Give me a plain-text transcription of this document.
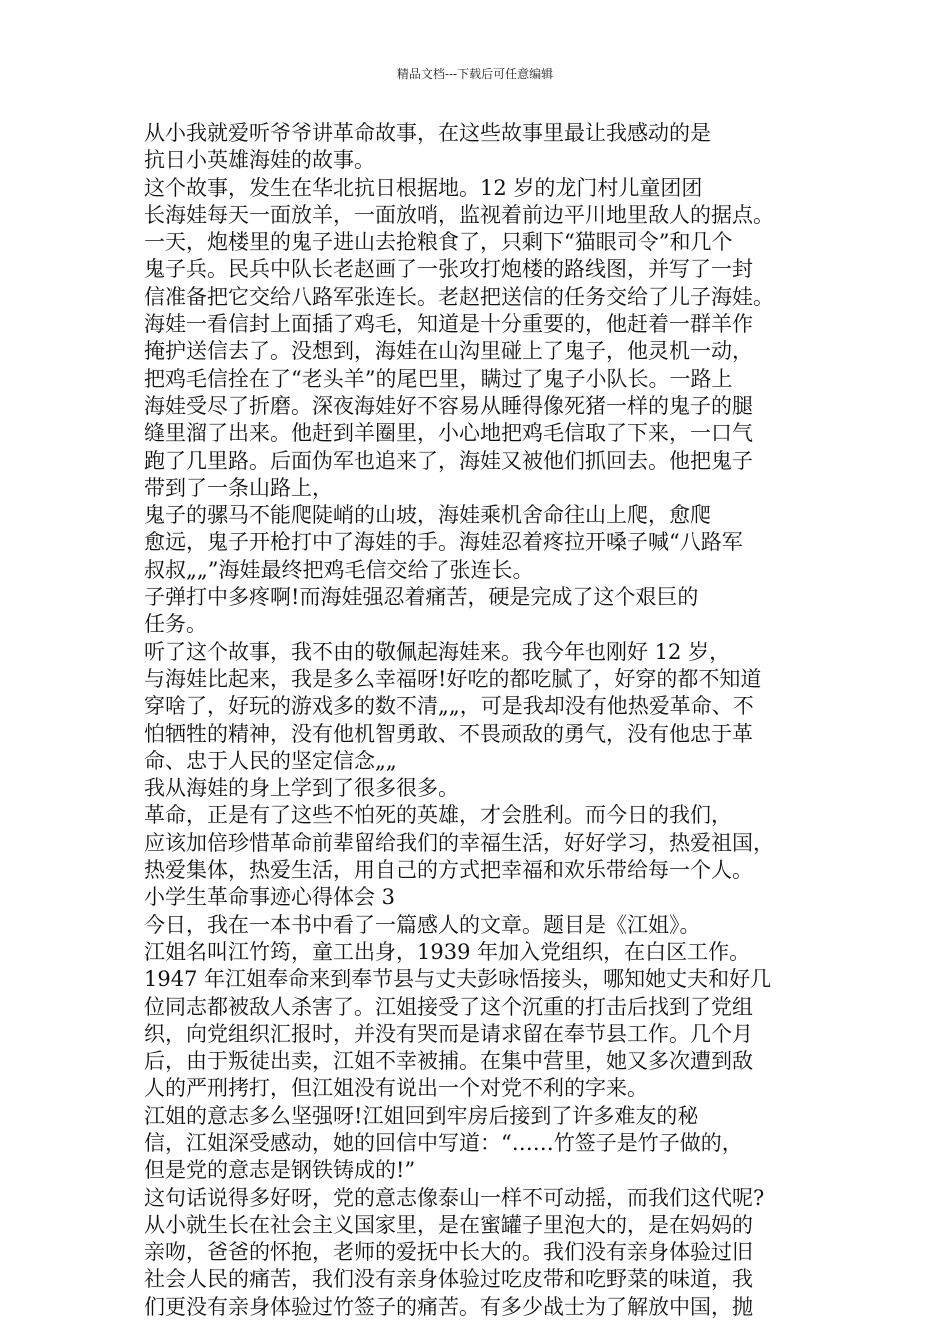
精品文档---下载后可任意编辑
从小我就爱听爷爷讲革命故事，在这些故事里最让我感动的是
抗日小英雄海娃的故事。
这个故事，发生在华北抗日根据地。12 岁的龙门村儿童团团
长海娃每天一面放羊，一面放哨，监视着前边平川地里敌人的据点。
一天，炮楼里的鬼子进山去抢粮食了，只剩下“猫眼司令”和几个
鬼子兵。民兵中队长老赵画了一张攻打炮楼的路线图，并写了一封
信准备把它交给八路军张连长。老赵把送信的任务交给了儿子海娃。
海娃一看信封上面插了鸡毛，知道是十分重要的，他赶着一群羊作
掩护送信去了。没想到，海娃在山沟里碰上了鬼子，他灵机一动，
把鸡毛信拴在了“老头羊”的尾巴里，瞒过了鬼子小队长。一路上
海娃受尽了折磨。深夜海娃好不容易从睡得像死猪一样的鬼子的腿
缝里溜了出来。他赶到羊圈里，小心地把鸡毛信取了下来，一口气
跑了几里路。后面伪军也追来了，海娃又被他们抓回去。他把鬼子
带到了一条山路上，
鬼子的骡马不能爬陡峭的山坡，海娃乘机舍命往山上爬，愈爬
愈远，鬼子开枪打中了海娃的手。海娃忍着疼拉开嗓子喊“八路军
叔叔„„”海娃最终把鸡毛信交给了张连长。
子弹打中多疼啊!而海娃强忍着痛苦，硬是完成了这个艰巨的
任务。
听了这个故事，我不由的敬佩起海娃来。我今年也刚好 12 岁，
与海娃比起来，我是多么幸福呀!好吃的都吃腻了，好穿的都不知道
穿啥了，好玩的游戏多的数不清„„，可是我却没有他热爱革命、不
怕牺牲的精神，没有他机智勇敢、不畏顽敌的勇气，没有他忠于革
命、忠于人民的坚定信念„„
我从海娃的身上学到了很多很多。
革命，正是有了这些不怕死的英雄，才会胜利。而今日的我们，
应该加倍珍惜革命前辈留给我们的幸福生活，好好学习，热爱祖国，
热爱集体，热爱生活，用自己的方式把幸福和欢乐带给每一个人。
小学生革命事迹心得体会 3
今日，我在一本书中看了一篇感人的文章。题目是《江姐》。
江姐名叫江竹筠，童工出身，1939 年加入党组织，在白区工作。
1947 年江姐奉命来到奉节县与丈夫彭咏悟接头，哪知她丈夫和好几
位同志都被敌人杀害了。江姐接受了这个沉重的打击后找到了党组
织，向党组织汇报时，并没有哭而是请求留在奉节县工作。几个月
后，由于叛徒出卖，江姐不幸被捕。在集中营里，她又多次遭到敌
人的严刑拷打，但江姐没有说出一个对党不利的字来。
江姐的意志多么坚强呀!江姐回到牢房后接到了许多难友的秘
信，江姐深受感动，她的回信中写道：“……竹签子是竹子做的，
但是党的意志是钢铁铸成的!”
这句话说得多好呀，党的意志像泰山一样不可动摇，而我们这代呢?
从小就生长在社会主义国家里，是在蜜罐子里泡大的，是在妈妈的
亲吻，爸爸的怀抱，老师的爱抚中长大的。我们没有亲身体验过旧
社会人民的痛苦，我们没有亲身体验过吃皮带和吃野菜的味道，我
们更没有亲身体验过竹签子的痛苦。有多少战士为了解放中国，抛
